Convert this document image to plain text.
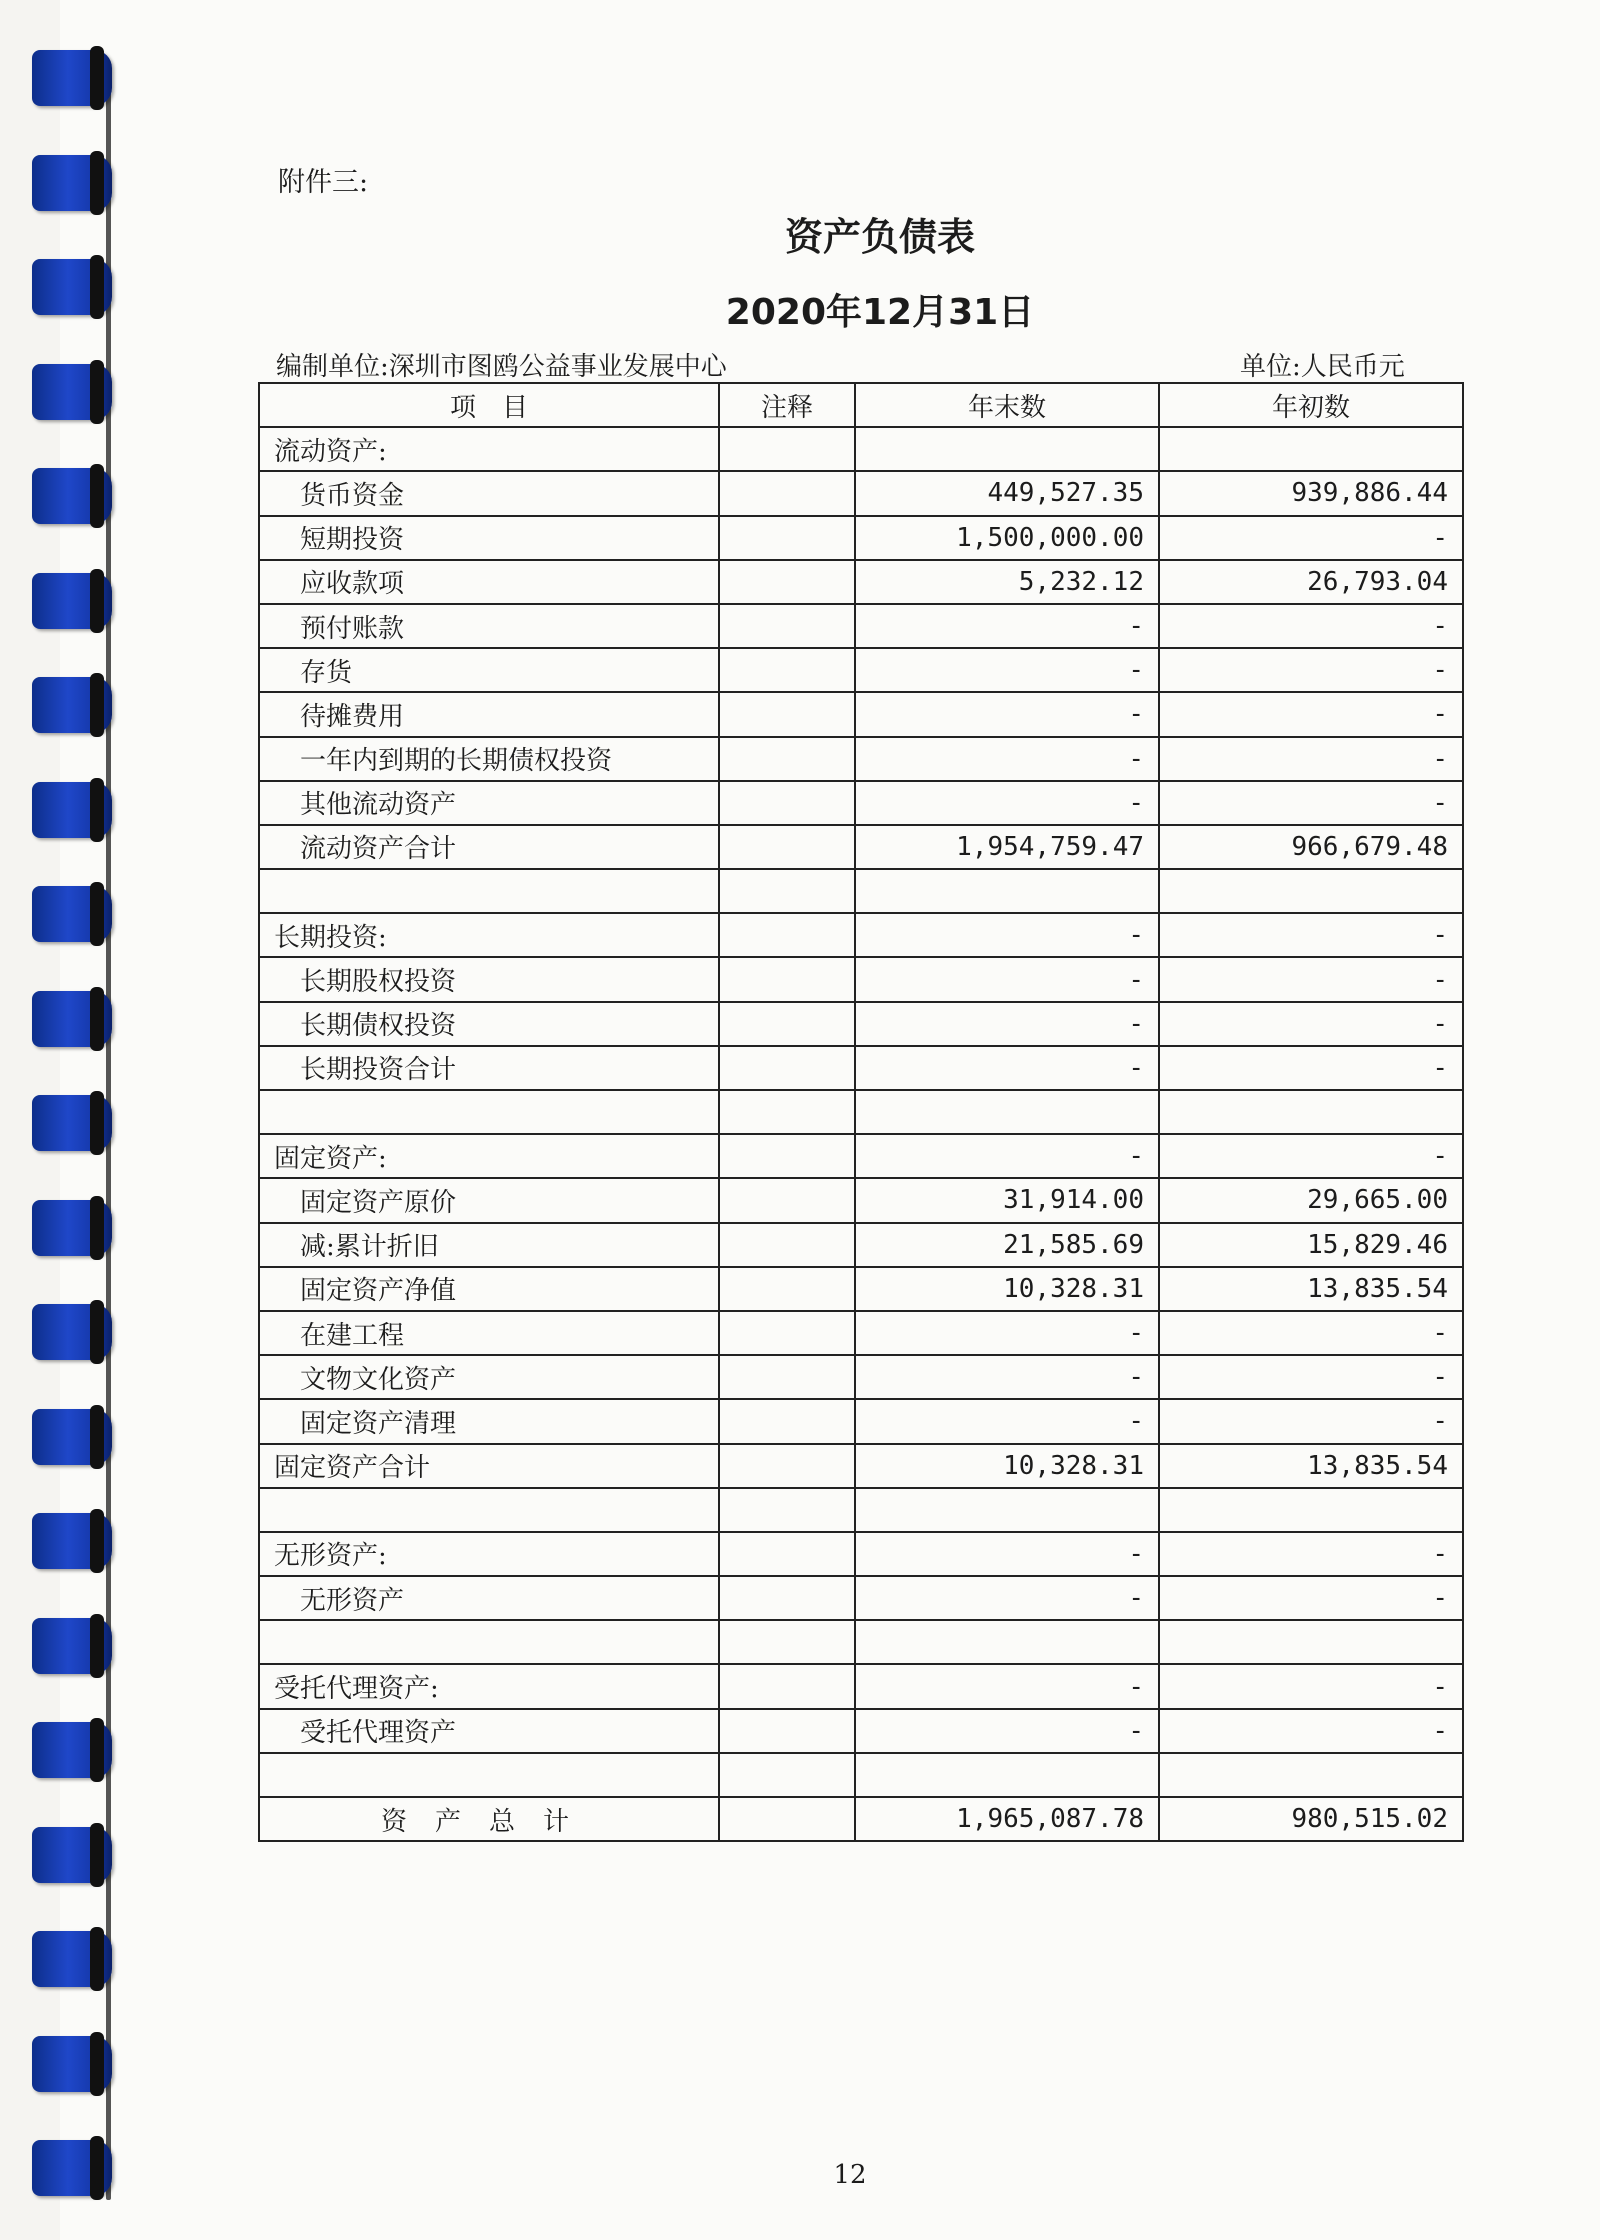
附件三:
资产负债表
2020年12月31日
编制单位:深圳市图鸥公益事业发展中心	单位:人民币元
项　目	注释	年末数	年初数
流动资产:			
货币资金		449,527.35	939,886.44
短期投资		1,500,000.00	-
应收款项		5,232.12	26,793.04
预付账款		-	-
存货		-	-
待摊费用		-	-
一年内到期的长期债权投资		-	-
其他流动资产		-	-
流动资产合计		1,954,759.47	966,679.48

长期投资:		-	-
长期股权投资		-	-
长期债权投资		-	-
长期投资合计		-	-

固定资产:		-	-
固定资产原价		31,914.00	29,665.00
减:累计折旧		21,585.69	15,829.46
固定资产净值		10,328.31	13,835.54
在建工程		-	-
文物文化资产		-	-
固定资产清理		-	-
固定资产合计		10,328.31	13,835.54

无形资产:		-	-
无形资产		-	-

受托代理资产:		-	-
受托代理资产		-	-

资产总计		1,965,087.78	980,515.02
12
